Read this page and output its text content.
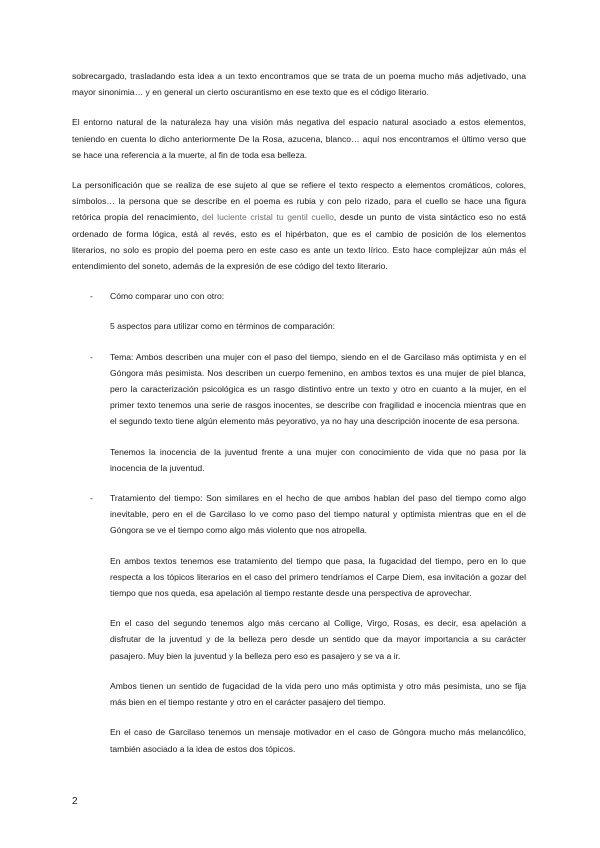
sobrecargado, trasladando esta idea a un texto encontramos que se trata de un poema mucho más adjetivado, una mayor sinonimia… y en general un cierto oscurantismo en ese texto que es el código literario.

El entorno natural de la naturaleza hay una visión más negativa del espacio natural asociado a estos elementos, teniendo en cuenta lo dicho anteriormente De la Rosa, azucena, blanco… aquí nos encontramos el último verso que se hace una referencia a la muerte, al fin de toda esa belleza.

La personificación que se realiza de ese sujeto al que se refiere el texto respecto a elementos cromáticos, colores, símbolos… la persona que se describe en el poema es rubia y con pelo rizado, para el cuello se hace una figura retórica propia del renacimiento, del luciente cristal tu gentil cuello, desde un punto de vista sintáctico eso no está ordenado de forma lógica, está al revés, esto es el hipérbaton, que es el cambio de posición de los elementos literarios, no solo es propio del poema pero en este caso es ante un texto lírico. Esto hace complejizar aún más el entendimiento del soneto, además de la expresión de ese código del texto literario.

- Cómo comparar uno con otro:

5 aspectos para utilizar como en términos de comparación:

- Tema: Ambos describen una mujer con el paso del tiempo, siendo en el de Garcilaso más optimista y en el Góngora más pesimista. Nos describen un cuerpo femenino, en ambos textos es una mujer de piel blanca, pero la caracterización psicológica es un rasgo distintivo entre un texto y otro en cuanto a la mujer, en el primer texto tenemos una serie de rasgos inocentes, se describe con fragilidad e inocencia mientras que en el segundo texto tiene algún elemento más peyorativo, ya no hay una descripción inocente de esa persona.

Tenemos la inocencia de la juventud frente a una mujer con conocimiento de vida que no pasa por la inocencia de la juventud.

- Tratamiento del tiempo: Son similares en el hecho de que ambos hablan del paso del tiempo como algo inevitable, pero en el de Garcilaso lo ve como paso del tiempo natural y optimista mientras que en el de Góngora se ve el tiempo como algo más violento que nos atropella.

En ambos textos tenemos ese tratamiento del tiempo que pasa, la fugacidad del tiempo, pero en lo que respecta a los tópicos literarios en el caso del primero tendríamos el Carpe Diem, esa invitación a gozar del tiempo que nos queda, esa apelación al tiempo restante desde una perspectiva de aprovechar.

En el caso del segundo tenemos algo más cercano al Collige, Virgo, Rosas, es decir, esa apelación a disfrutar de la juventud y de la belleza pero desde un sentido que da mayor importancia a su carácter pasajero. Muy bien la juventud y la belleza pero eso es pasajero y se va a ir.

Ambos tienen un sentido de fugacidad de la vida pero uno más optimista y otro más pesimista, uno se fija más bien en el tiempo restante y otro en el carácter pasajero del tiempo.

En el caso de Garcilaso tenemos un mensaje motivador en el caso de Góngora mucho más melancólico, también asociado a la idea de estos dos tópicos.

2
